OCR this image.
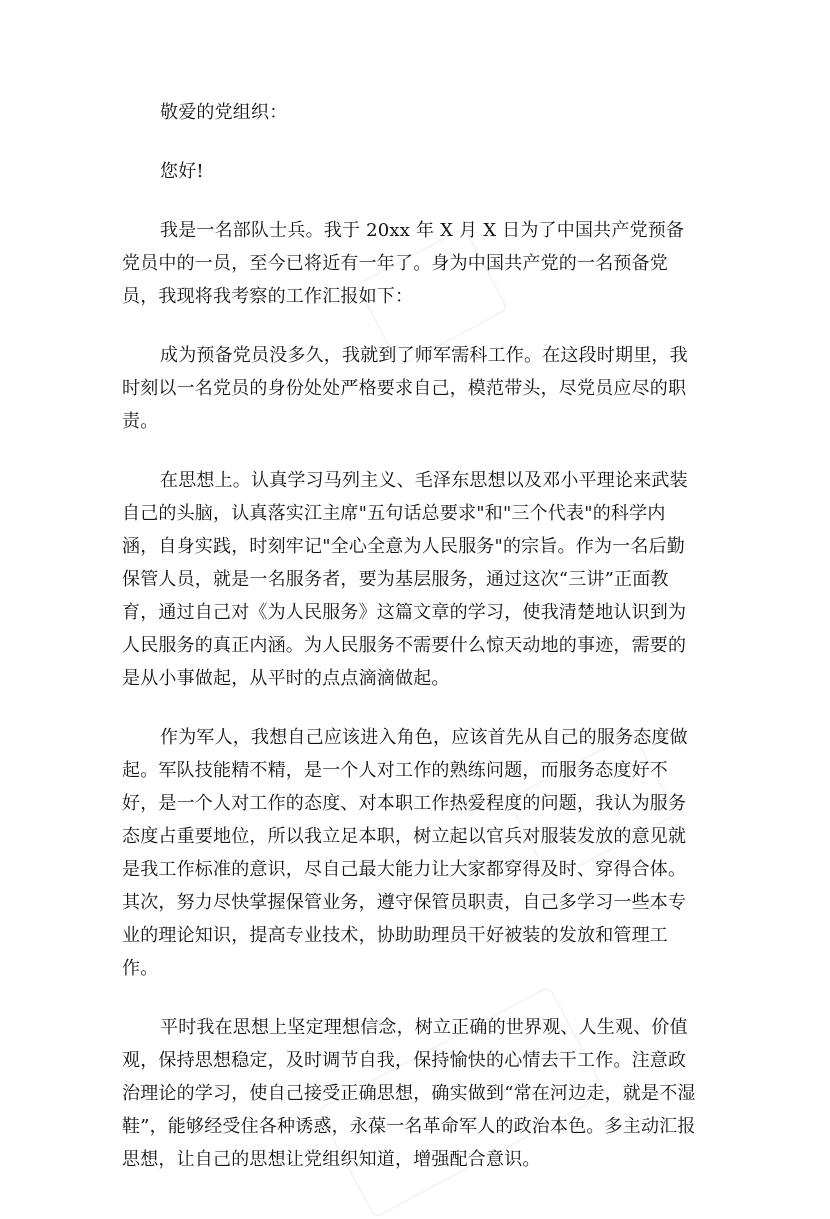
敬爱的党组织：

您好!

我是一名部队士兵。我于 20xx 年 X 月 X 日为了中国共产党预备党员中的一员，至今已将近有一年了。身为中国共产党的一名预备党员，我现将我考察的工作汇报如下：

成为预备党员没多久，我就到了师军需科工作。在这段时期里，我时刻以一名党员的身份处处严格要求自己，模范带头，尽党员应尽的职责。

在思想上。认真学习马列主义、毛泽东思想以及邓小平理论来武装自己的头脑，认真落实江主席"五句话总要求"和"三个代表"的科学内涵，自身实践，时刻牢记"全心全意为人民服务"的宗旨。作为一名后勤保管人员，就是一名服务者，要为基层服务，通过这次“三讲”正面教育，通过自己对《为人民服务》这篇文章的学习，使我清楚地认识到为人民服务的真正内涵。为人民服务不需要什么惊天动地的事迹，需要的是从小事做起，从平时的点点滴滴做起。

作为军人，我想自己应该进入角色，应该首先从自己的服务态度做起。军队技能精不精，是一个人对工作的熟练问题，而服务态度好不好，是一个人对工作的态度、对本职工作热爱程度的问题，我认为服务态度占重要地位，所以我立足本职，树立起以官兵对服装发放的意见就是我工作标准的意识，尽自己最大能力让大家都穿得及时、穿得合体。其次，努力尽快掌握保管业务，遵守保管员职责，自己多学习一些本专业的理论知识，提高专业技术，协助助理员干好被装的发放和管理工作。

平时我在思想上坚定理想信念，树立正确的世界观、人生观、价值观，保持思想稳定，及时调节自我，保持愉快的心情去干工作。注意政治理论的学习，使自己接受正确思想，确实做到“常在河边走，就是不湿鞋”，能够经受住各种诱惑，永葆一名革命军人的政治本色。多主动汇报思想，让自己的思想让党组织知道，增强配合意识。
